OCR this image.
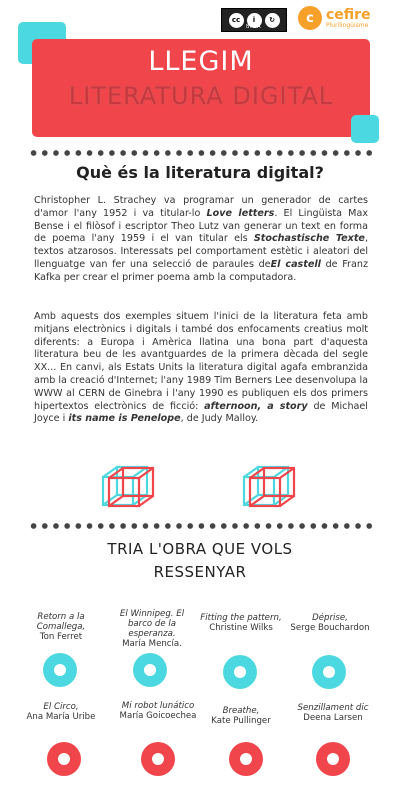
cc	i	↻
BY SA
c cefire
Plurilingüisme
LLEGIM
LITERATURA DIGITAL
Què és la literatura digital?
Christopher L. Strachey va programar un generador de cartes d'amor l'any 1952 i va titular-lo Love letters. El Lingüista Max Bense i el filòsof i escriptor Theo Lutz van generar un text en forma de poema l'any 1959 i el van titular els Stochastische Texte, textos atzarosos. Interessats pel comportament estètic i aleatori del llenguatge van fer una selecció de paraules deEl castell de Franz Kafka per crear el primer poema amb la computadora.
Amb aquests dos exemples situem l'inici de la literatura feta amb mitjans electrònics i digitals i també dos enfocaments creatius molt diferents: a Europa i Amèrica llatina una bona part d'aquesta literatura beu de les avantguardes de la primera dècada del segle XX... En canvi, als Estats Units la literatura digital agafa embranzida amb la creació d'Internet; l'any 1989 Tim Berners Lee desenvolupa la WWW al CERN de Ginebra i l'any 1990 es publiquen els dos primers hipertextos electrònics de ficció: afternoon, a story de Michael Joyce i its name is Penelope, de Judy Malloy.
TRIA L'OBRA QUE VOLS
RESSENYAR
Retorn a la Comallega,
Ton Ferret
El Winnipeg. El barco de la esperanza.
María Mencía.
Fitting the pattern,
Christine Wilks
Déprise,
Serge Bouchardon
El Circo,
Ana María Uribe
Mi robot lunático
María Goicoechea	Breathe,
Kate Pullinger
Senzillament dic
Deena Larsen
